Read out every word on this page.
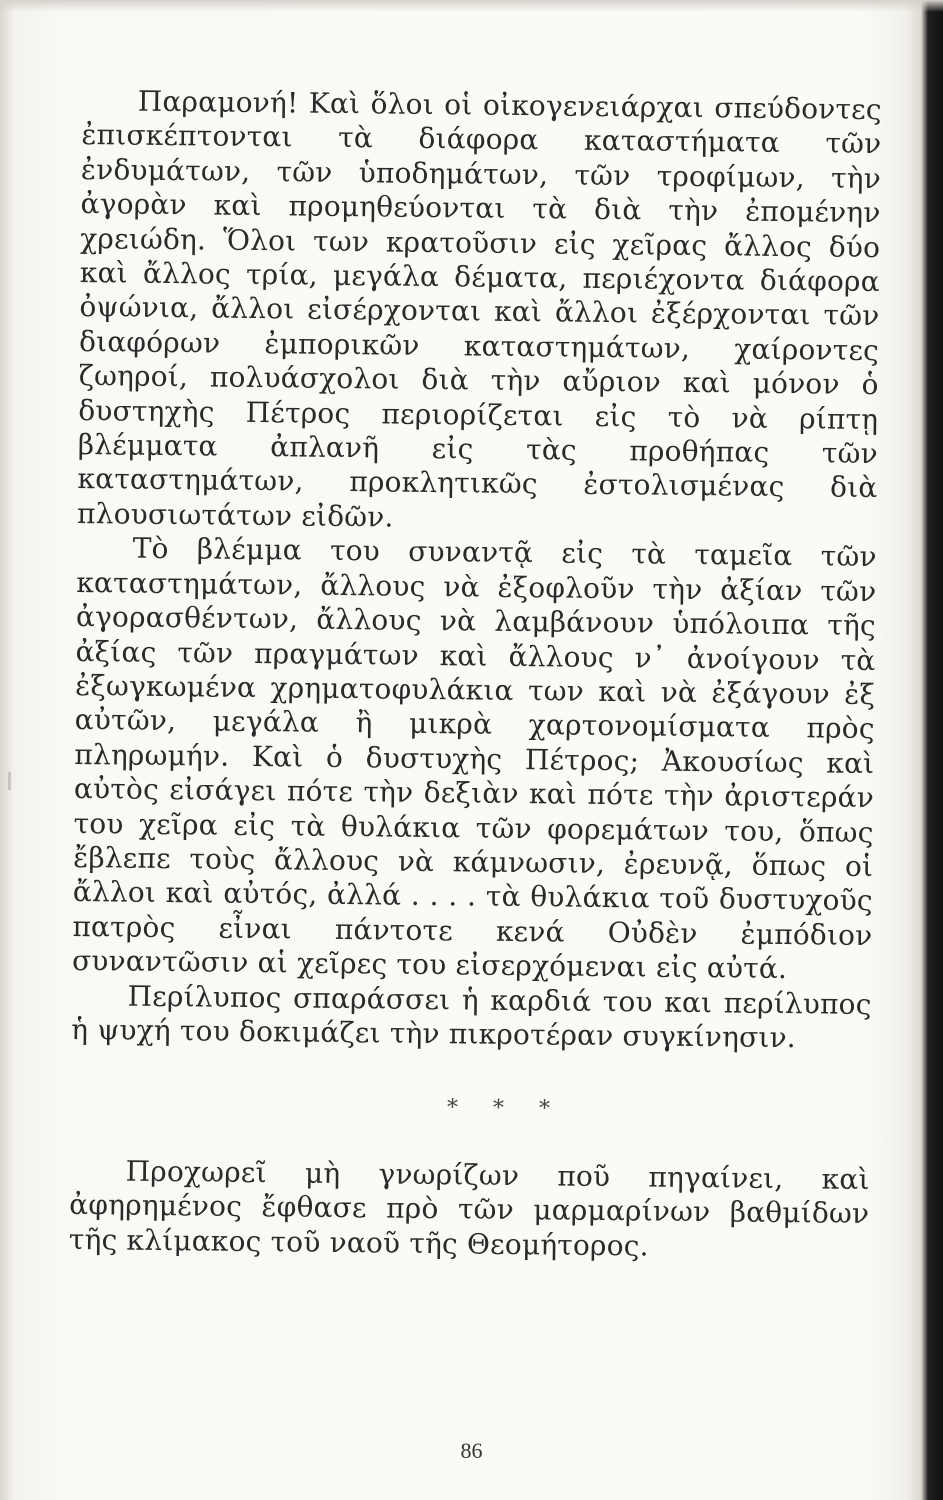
Παραμονή! Καὶ ὅλοι οἱ οἰκογενειάρχαι σπεύδοντες ἐπισκέπτονται τὰ διάφορα καταστήματα τῶν ἐνδυμάτων, τῶν ὑποδημάτων, τῶν τροφίμων, τὴν ἀγορὰν καὶ προμηθεύονται τὰ διὰ τὴν ἐπομένην χρειώδη. Ὅλοι των κρατοῦσιν εἰς χεῖρας ἄλλος δύο καὶ ἄλλος τρία, μεγάλα δέματα, περιέχοντα διάφορα ὀψώνια, ἄλλοι εἰσέρχονται καὶ ἄλλοι ἐξέρχονται τῶν διαφόρων ἐμπορικῶν καταστημάτων, χαίροντες ζωηροί, πολυάσχολοι διὰ τὴν αὔριον καὶ μόνον ὁ δυστηχὴς Πέτρος περιορίζεται εἰς τὸ νὰ ρίπτῃ βλέμματα ἀπλανῆ εἰς τὰς προθήπας τῶν καταστημάτων, προκλητικῶς ἐστολισμένας διὰ πλουσιωτάτων εἰδῶν.

Τὸ βλέμμα του συναντᾷ εἰς τὰ ταμεῖα τῶν καταστημάτων, ἄλλους νὰ ἐξοφλοῦν τὴν ἀξίαν τῶν ἀγορασθέντων, ἄλλους νὰ λαμβάνουν ὑπόλοιπα τῆς ἀξίας τῶν πραγμάτων καὶ ἄλλους ν᾽ ἀνοίγουν τὰ ἐξωγκωμένα χρηματοφυλάκια των καὶ νὰ ἐξάγουν ἐξ αὐτῶν, μεγάλα ἢ μικρὰ χαρτονομίσματα πρὸς πληρωμήν. Καὶ ὁ δυστυχὴς Πέτρος; Ἀκουσίως καὶ αὐτὸς εἰσάγει πότε τὴν δεξιὰν καὶ πότε τὴν ἀριστεράν του χεῖρα εἰς τὰ θυλάκια τῶν φορεμάτων του, ὅπως ἔβλεπε τοὺς ἄλλους νὰ κάμνωσιν, ἐρευνᾷ, ὅπως οἱ ἄλλοι καὶ αὐτός, ἀλλά . . . . τὰ θυλάκια τοῦ δυστυχοῦς πατρὸς εἶναι πάντοτε κενά Οὐδὲν ἐμπόδιον συναντῶσιν αἱ χεῖρες του εἰσερχόμεναι εἰς αὐτά.

Περίλυπος σπαράσσει ἡ καρδιά του και περίλυπος ἡ ψυχή του δοκιμάζει τὴν πικροτέραν συγκίνησιν.

* * *

Προχωρεῖ μὴ γνωρίζων ποῦ πηγαίνει, καὶ ἀφηρημένος ἔφθασε πρὸ τῶν μαρμαρίνων βαθμίδων τῆς κλίμακος τοῦ ναοῦ τῆς Θεομήτορος.

86
